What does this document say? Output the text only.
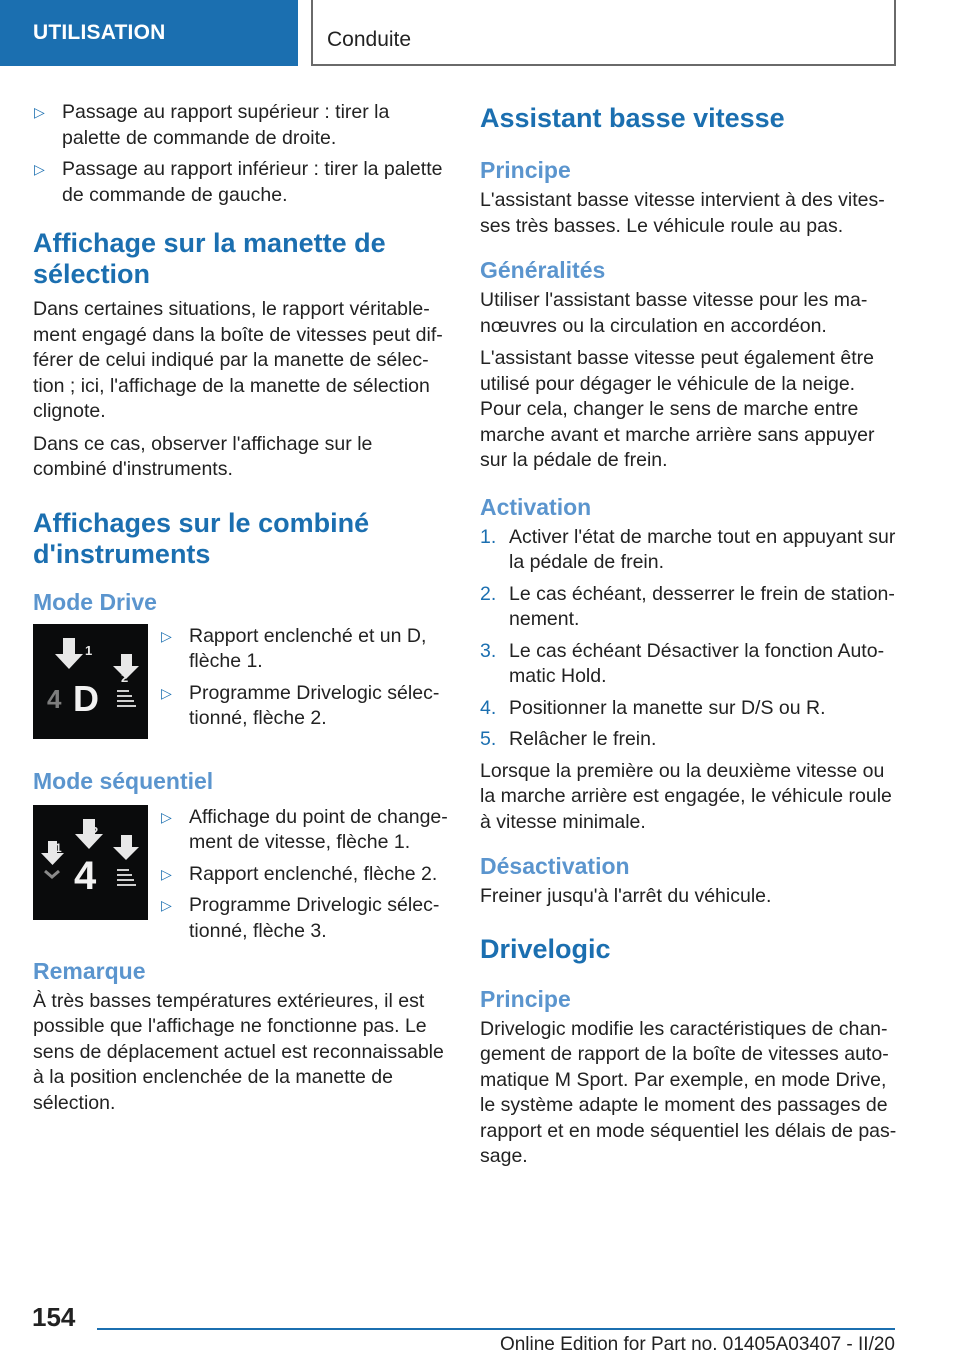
UTILISATION	Conduite
▷ Passage au rapport supérieur : tirer la palette de commande de droite.
▷ Passage au rapport inférieur : tirer la palette de commande de gauche.
Affichage sur la manette de sélection

Dans certaines situations, le rapport véritablement engagé dans la boîte de vitesses peut différer de celui indiqué par la manette de sélection ; ici, l'affichage de la manette de sélection clignote.

Dans ce cas, observer l'affichage sur le combiné d'instruments.

Affichages sur le combiné d'instruments
Mode Drive
1
2
4 D
▷ Rapport enclenché et un D, flèche 1.
▷ Programme Drivelogic sélectionné, flèche 2.
Mode séquentiel
1
2
3
4
▷ Affichage du point de changement de vitesse, flèche 1.
▷ Rapport enclenché, flèche 2.
▷ Programme Drivelogic sélectionné, flèche 3.
Remarque

À très basses températures extérieures, il est possible que l'affichage ne fonctionne pas. Le sens de déplacement actuel est reconnaissable à la position enclenchée de la manette de sélection.

Assistant basse vitesse
Principe

L'assistant basse vitesse intervient à des vitesses très basses. Le véhicule roule au pas.

Généralités

Utiliser l'assistant basse vitesse pour les manœuvres ou la circulation en accordéon.

L'assistant basse vitesse peut également être utilisé pour dégager le véhicule de la neige. Pour cela, changer le sens de marche entre marche avant et marche arrière sans appuyer sur la pédale de frein.

Activation
1. Activer l'état de marche tout en appuyant sur la pédale de frein.
2. Le cas échéant, desserrer le frein de stationnement.
3. Le cas échéant Désactiver la fonction Automatic Hold.
4. Positionner la manette sur D/S ou R.
5. Relâcher le frein.

Lorsque la première ou la deuxième vitesse ou la marche arrière est engagée, le véhicule roule à vitesse minimale.

Désactivation

Freiner jusqu'à l'arrêt du véhicule.

Drivelogic
Principe

Drivelogic modifie les caractéristiques de changement de rapport de la boîte de vitesses automatique M Sport. Par exemple, en mode Drive, le système adapte le moment des passages de rapport et en mode séquentiel les délais de passage.

154
Online Edition for Part no. 01405A03407 - II/20
